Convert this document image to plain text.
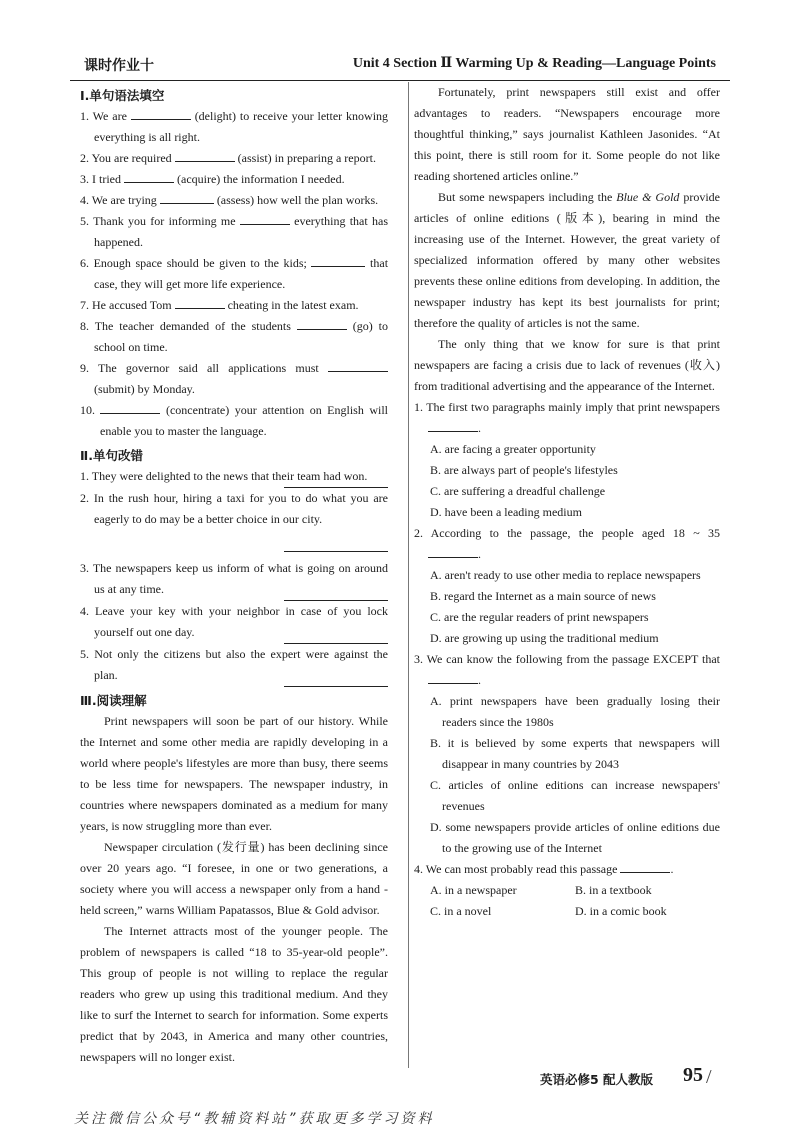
课时作业十	Unit 4 Section Ⅱ Warming Up & Reading—Language Points
Ⅰ.单句语法填空
1. We are	(delight) to receive your letter knowing everything is all right.
2. You are required	(assist) in preparing a report.
3. I tried	(acquire) the information I needed.
4. We are trying	(assess) how well the plan works.
5. Thank you for informing me	everything that has happened.
6. Enough space should be given to the kids;	that case, they will get more life experience.
7. He accused Tom	cheating in the latest exam.
8. The teacher demanded of the students	(go) to school on time.
9. The governor said all applications must  (submit) by Monday.
10.	(concentrate) your attention on English will enable you to master the language.
Ⅱ.单句改错
1. They were delighted to the news that their team had won.
2. In the rush hour, hiring a taxi for you to do what you are eagerly to do may be a better choice in our city.
3. The newspapers keep us inform of what is going on around us at any time.
4. Leave your key with your neighbor in case of you lock yourself out one day.
5. Not only the citizens but also the expert were against the plan.
Ⅲ.阅读理解
Print newspapers will soon be part of our history. While the Internet and some other media are rapidly developing in a world where people's lifestyles are more than busy, there seems to be less time for newspapers. The newspaper industry, in countries where newspapers dominated as a medium for many years, is now struggling more than ever.
Newspaper circulation (发行量) has been declining since over 20 years ago. “I foresee, in one or two generations, a society where you will access a newspaper only from a hand - held screen,” warns William Papatassos, Blue & Gold advisor.
The Internet attracts most of the younger people. The problem of newspapers is called “18 to 35-year-old people”. This group of people is not willing to replace the regular readers who grew up using this traditional medium. And they like to surf the Internet to search for information. Some experts predict that by 2043, in America and many other countries, newspapers will no longer exist.
Fortunately, print newspapers still exist and offer advantages to readers. “Newspapers encourage more thoughtful thinking,” says journalist Kathleen Jasonides. “At this point, there is still room for it. Some people do not like reading shortened articles online.”
But some newspapers including the Blue & Gold provide articles of online editions (版本), bearing in mind the increasing use of the Internet. However, the great variety of specialized information offered by many other websites prevents these online editions from developing. In addition, the newspaper industry has kept its best journalists for print; therefore the quality of articles is not the same.
The only thing that we know for sure is that print newspapers are facing a crisis due to lack of revenues (收入) from traditional advertising and the appearance of the Internet.
1. The first two paragraphs mainly imply that print newspapers .
A. are facing a greater opportunity
B. are always part of people's lifestyles
C. are suffering a dreadful challenge
D. have been a leading medium
2. According to the passage, the people aged 18 ~ 35 .
A. aren't ready to use other media to replace newspapers
B. regard the Internet as a main source of news
C. are the regular readers of print newspapers
D. are growing up using the traditional medium
3. We can know the following from the passage EXCEPT that .
A. print newspapers have been gradually losing their readers since the 1980s
B. it is believed by some experts that newspapers will disappear in many countries by 2043
C. articles of online editions can increase newspapers' revenues
D. some newspapers provide articles of online editions due to the growing use of the Internet
4. We can most probably read this passage	.
A. in a newspaper	B. in a textbook
C. in a novel	D. in a comic book
英语必修5 配人教版 95 /
关注微信公众号“教辅资料站”获取更多学习资料
